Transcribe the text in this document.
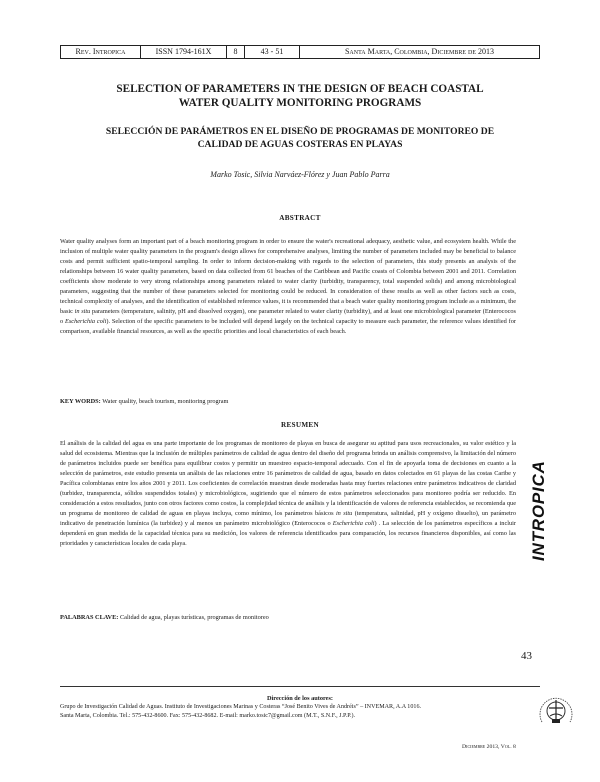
Rev. Intropica	ISSN 1794-161X	8	43 - 51	Santa Marta, Colombia, Diciembre de 2013
SELECTION OF PARAMETERS IN THE DESIGN OF BEACH COASTAL
WATER QUALITY MONITORING PROGRAMS
SELECCIÓN DE PARÁMETROS EN EL DISEÑO DE PROGRAMAS DE MONITOREO DE
CALIDAD DE AGUAS COSTERAS EN PLAYAS
Marko Tosic, Silvia Narváez-Flórez y Juan Pablo Parra
ABSTRACT
Water quality analyses form an important part of a beach monitoring program in order to ensure the water's recreational adequacy, aesthetic value, and ecosystem health. While the inclusion of multiple water quality parameters in the program's design allows for comprehensive analyses, limiting the number of parameters included may be beneficial to balance costs and permit sufficient spatio-temporal sampling. In order to inform decision-making with regards to the selection of parameters, this study presents an analysis of the relationships between 16 water quality parameters, based on data collected from 61 beaches of the Caribbean and Pacific coasts of Colombia between 2001 and 2011. Correlation coefficients show moderate to very strong relationships among parameters related to water clarity (turbidity, transparency, total suspended solids) and among microbiological parameters, suggesting that the number of these parameters selected for monitoring could be reduced. In consideration of these results as well as other factors such as costs, technical complexity of analyses, and the identification of established reference values, it is recommended that a beach water quality monitoring program include as a minimum, the basic in situ parameters (temperature, salinity, pH and dissolved oxygen), one parameter related to water clarity (turbidity), and at least one microbiological parameter (Enterococos o Escherichia coli). Selection of the specific parameters to be included will depend largely on the technical capacity to measure each parameter, the reference values identified for comparison, available financial resources, as well as the specific priorities and local characteristics of each beach.
KEY WORDS: Water quality, beach tourism, monitoring program
RESUMEN
El análisis de la calidad del agua es una parte importante de los programas de monitoreo de playas en busca de asegurar su aptitud para usos recreacionales, su valor estético y la salud del ecosistema. Mientras que la inclusión de múltiples parámetros de calidad de agua dentro del diseño del programa brinda un análisis comprensivo, la limitación del número de parámetros incluidos puede ser benéfica para equilibrar costos y permitir un muestreo espacio-temporal adecuado. Con el fin de apoyarla toma de decisiones en cuanto a la selección de parámetros, este estudio presenta un análisis de las relaciones entre 16 parámetros de calidad de agua, basado en datos colectados en 61 playas de las costas Caribe y Pacífica colombianas entre los años 2001 y 2011. Los coeficientes de correlación muestran desde moderadas hasta muy fuertes relaciones entre parámetros indicativos de claridad (turbidez, transparencia, sólidos suspendidos totales) y microbiológicos, sugiriendo que el número de estos parámetros seleccionados para monitoreo podría ser reducido. En consideración a estos resultados, junto con otros factores como costos, la complejidad técnica de análisis y la identificación de valores de referencia establecidos, se recomienda que un programa de monitoreo de calidad de aguas en playas incluya, como mínimo, los parámetros básicos in situ (temperatura, salinidad, pH y oxígeno disuelto), un parámetro indicativo de penetración lumínica (la turbidez) y al menos un parámetro microbiológico (Enterococos o Escherichia coli) . La selección de los parámetros específicos a incluir dependerá en gran medida de la capacidad técnica para su medición, los valores de referencia identificados para comparación, los recursos financieros disponibles, así como las prioridades y características locales de cada playa.
PALABRAS CLAVE: Calidad de agua, playas turísticas, programas de monitoreo
INTROPICA
43
Dirección de los autores:
Grupo de Investigación Calidad de Aguas. Instituto de Investigaciones Marinas y Costeras “José Benito Vives de Andréis” – INVEMAR, A.A 1016.
Santa Marta, Colombia. Tel.: 575-432-8600. Fax: 575-432-8682. E-mail: marko.tosic7@gmail.com (M.T., S.N.F., J.P.P.).
Diciembre 2013, Vol. 8
